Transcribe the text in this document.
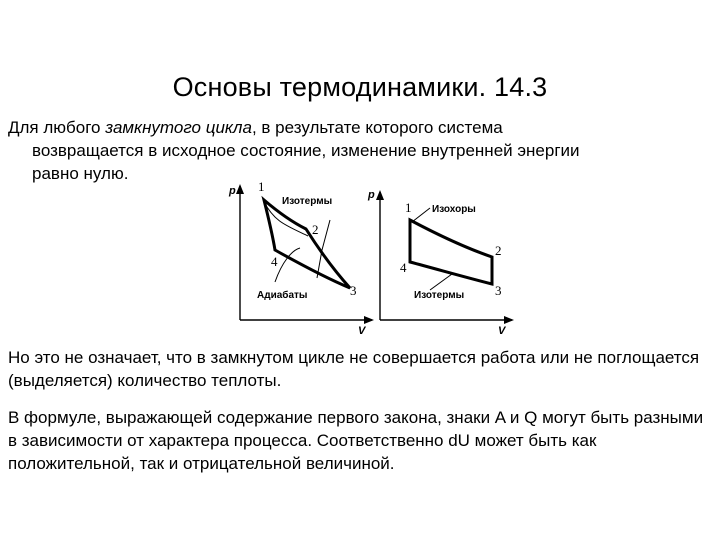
Основы термодинамики. 14.3
Для любого замкнутого цикла, в результате которого система
возвращается в исходное состояние, изменение внутренней энергии
равно нулю.
p
V
Изотермы
Адиабаты
1
2
3
4
p
V
Изохоры
Изотермы
1
2
3
4
Но это не означает, что в замкнутом цикле не совершается работа или не поглощается (выделяется) количество теплоты.
В формуле, выражающей содержание первого закона, знаки A и Q могут быть разными в зависимости от характера процесса. Соответственно dU может быть как положительной, так и отрицательной величиной.
